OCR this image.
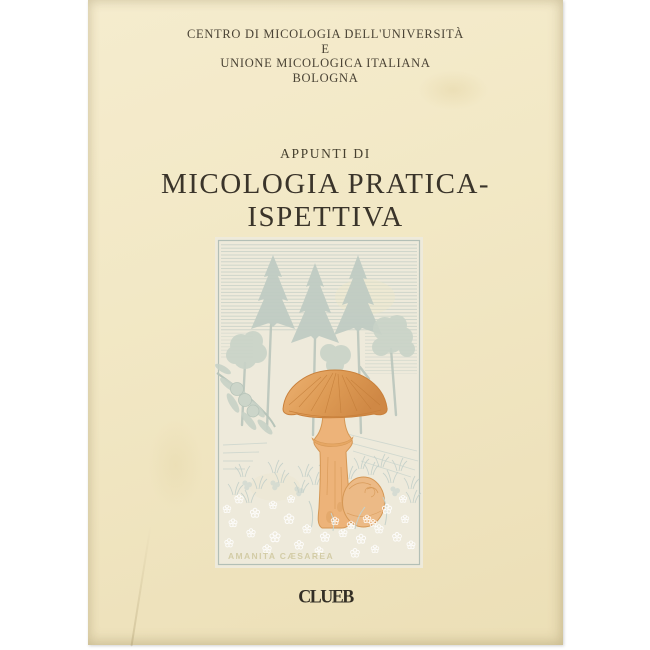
CENTRO DI MICOLOGIA DELL'UNIVERSITÀ
E
UNIONE MICOLOGICA ITALIANA
BOLOGNA
APPUNTI DI
MICOLOGIA PRATICA-ISPETTIVA
AMANITA CÆSAREA
CLUEB
